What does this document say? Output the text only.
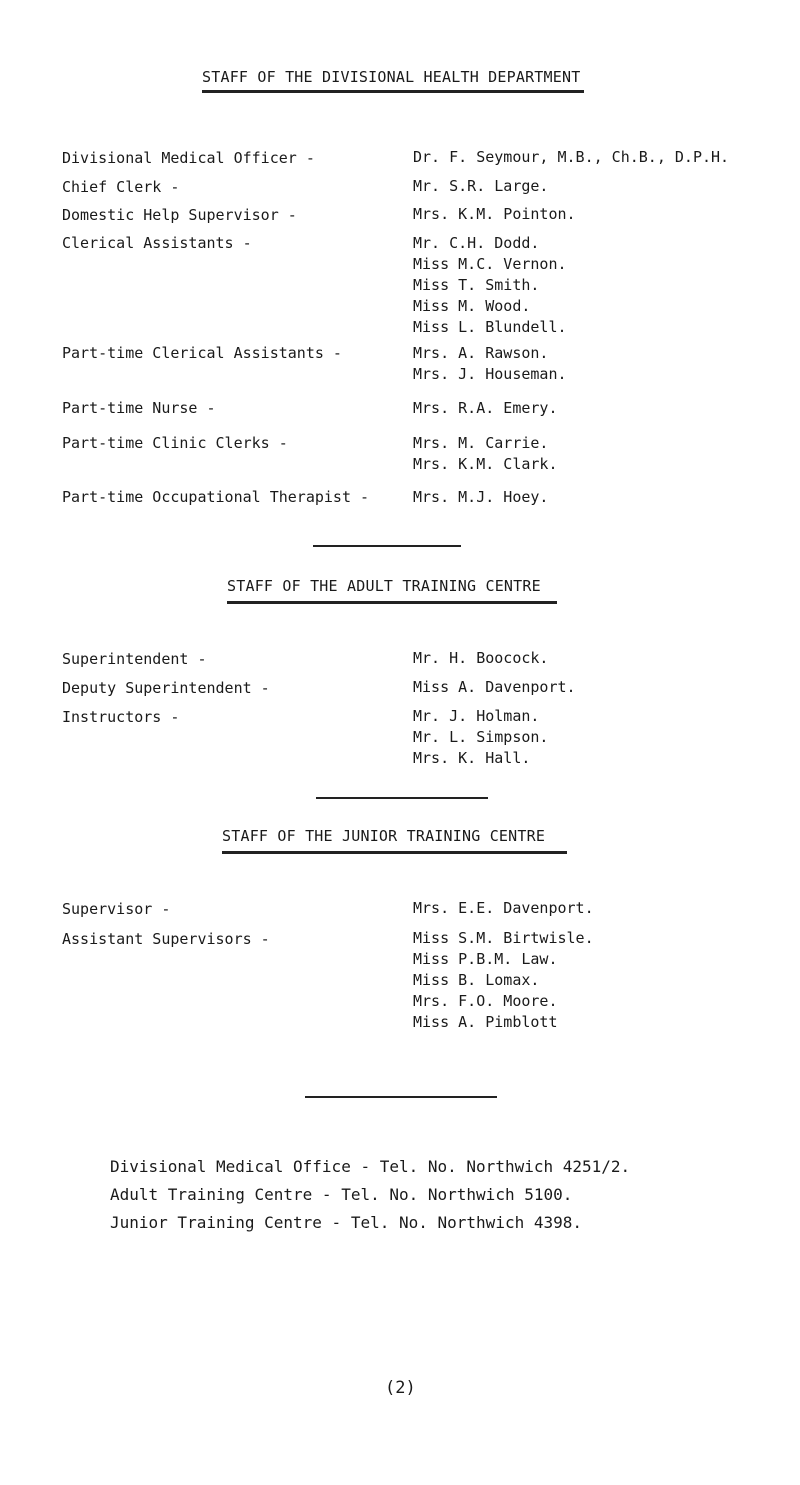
STAFF OF THE DIVISIONAL HEALTH DEPARTMENT
Divisional Medical Officer -	Dr. F. Seymour, M.B., Ch.B., D.P.H.
Chief Clerk -	Mr. S.R. Large.
Domestic Help Supervisor -	Mrs. K.M. Pointon.
Clerical Assistants -	Mr. C.H. Dodd.
Miss M.C. Vernon.
Miss T. Smith.
Miss M. Wood.
Miss L. Blundell.
Part-time Clerical Assistants -	Mrs. A. Rawson.
Mrs. J. Houseman.
Part-time Nurse -	Mrs. R.A. Emery.
Part-time Clinic Clerks -	Mrs. M. Carrie.
Mrs. K.M. Clark.
Part-time Occupational Therapist -	Mrs. M.J. Hoey.
STAFF OF THE ADULT TRAINING CENTRE
Superintendent -	Mr. H. Boocock.
Deputy Superintendent -	Miss A. Davenport.
Instructors -	Mr. J. Holman.
Mr. L. Simpson.
Mrs. K. Hall.
STAFF OF THE JUNIOR TRAINING CENTRE
Supervisor -	Mrs. E.E. Davenport.
Assistant Supervisors -	Miss S.M. Birtwisle.
Miss P.B.M. Law.
Miss B. Lomax.
Mrs. F.O. Moore.
Miss A. Pimblott
Divisional Medical Office - Tel. No. Northwich 4251/2.
Adult Training Centre - Tel. No. Northwich 5100.
Junior Training Centre - Tel. No. Northwich 4398.
(2)
